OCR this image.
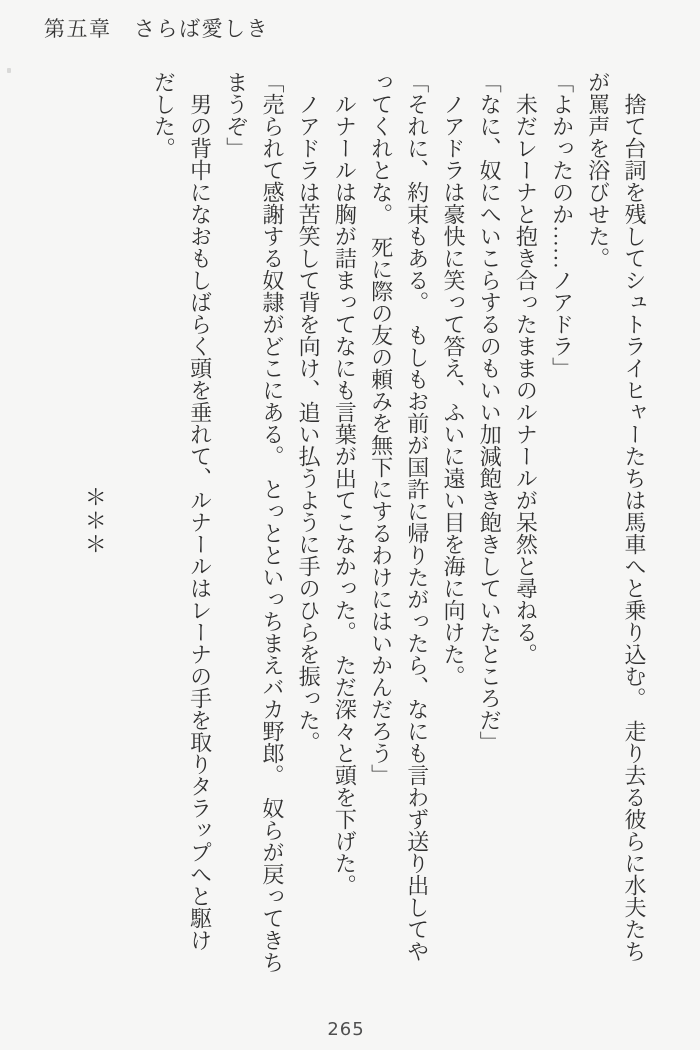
第五章　さらば愛しき
　捨て台詞を残してシュトライヒャーたちは馬車へと乗り込む。　走り去る彼らに水夫たち
が罵声を浴びせた。
「よかったのか……ノアドラ」
　未だレーナと抱き合ったままのルナールが呆然と尋ねる。
「なに、奴にへいこらするのもいい加減飽き飽きしていたところだ」
　ノアドラは豪快に笑って答え、ふいに遠い目を海に向けた。
「それに、約束もある。　もしもお前が国許に帰りたがったら、なにも言わず送り出してや
ってくれとな。　死に際の友の頼みを無下にするわけにはいかんだろう」
　ルナールは胸が詰まってなにも言葉が出てこなかった。　ただ深々と頭を下げた。
　ノアドラは苦笑して背を向け、追い払うように手のひらを振った。
「売られて感謝する奴隷がどこにある。　とっとといっちまえバカ野郎。　奴らが戻ってきち
まうぞ」
　男の背中になおもしばらく頭を垂れて、ルナールはレーナの手を取りタラップへと駆け
だした。
＊＊＊
265
